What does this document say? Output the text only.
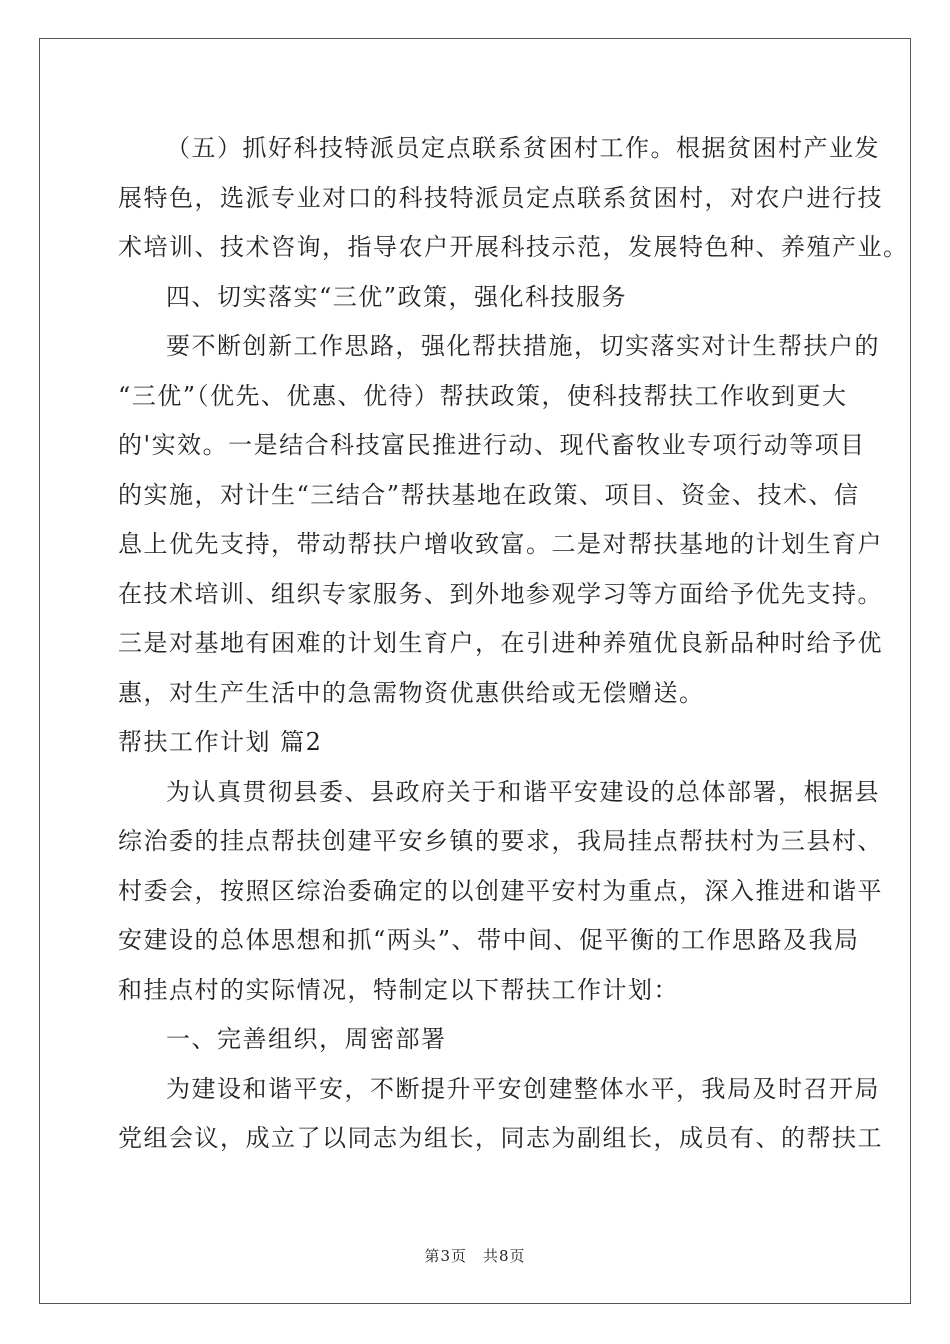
（五）抓好科技特派员定点联系贫困村工作。根据贫困村产业发

展特色，选派专业对口的科技特派员定点联系贫困村，对农户进行技

术培训、技术咨询，指导农户开展科技示范，发展特色种、养殖产业。

四、切实落实“三优”政策，强化科技服务

要不断创新工作思路，强化帮扶措施，切实落实对计生帮扶户的

“三优”（优先、优惠、优待）帮扶政策，使科技帮扶工作收到更大

的'实效。一是结合科技富民推进行动、现代畜牧业专项行动等项目

的实施，对计生“三结合”帮扶基地在政策、项目、资金、技术、信

息上优先支持，带动帮扶户增收致富。二是对帮扶基地的计划生育户

在技术培训、组织专家服务、到外地参观学习等方面给予优先支持。

三是对基地有困难的计划生育户，在引进种养殖优良新品种时给予优

惠，对生产生活中的急需物资优惠供给或无偿赠送。

帮扶工作计划 篇2

为认真贯彻县委、县政府关于和谐平安建设的总体部署，根据县

综治委的挂点帮扶创建平安乡镇的要求，我局挂点帮扶村为三县村、

村委会，按照区综治委确定的以创建平安村为重点，深入推进和谐平

安建设的总体思想和抓“两头”、带中间、促平衡的工作思路及我局

和挂点村的实际情况，特制定以下帮扶工作计划：

一、完善组织，周密部署

为建设和谐平安，不断提升平安创建整体水平，我局及时召开局

党组会议，成立了以同志为组长，同志为副组长，成员有、的帮扶工

第3页　共8页
